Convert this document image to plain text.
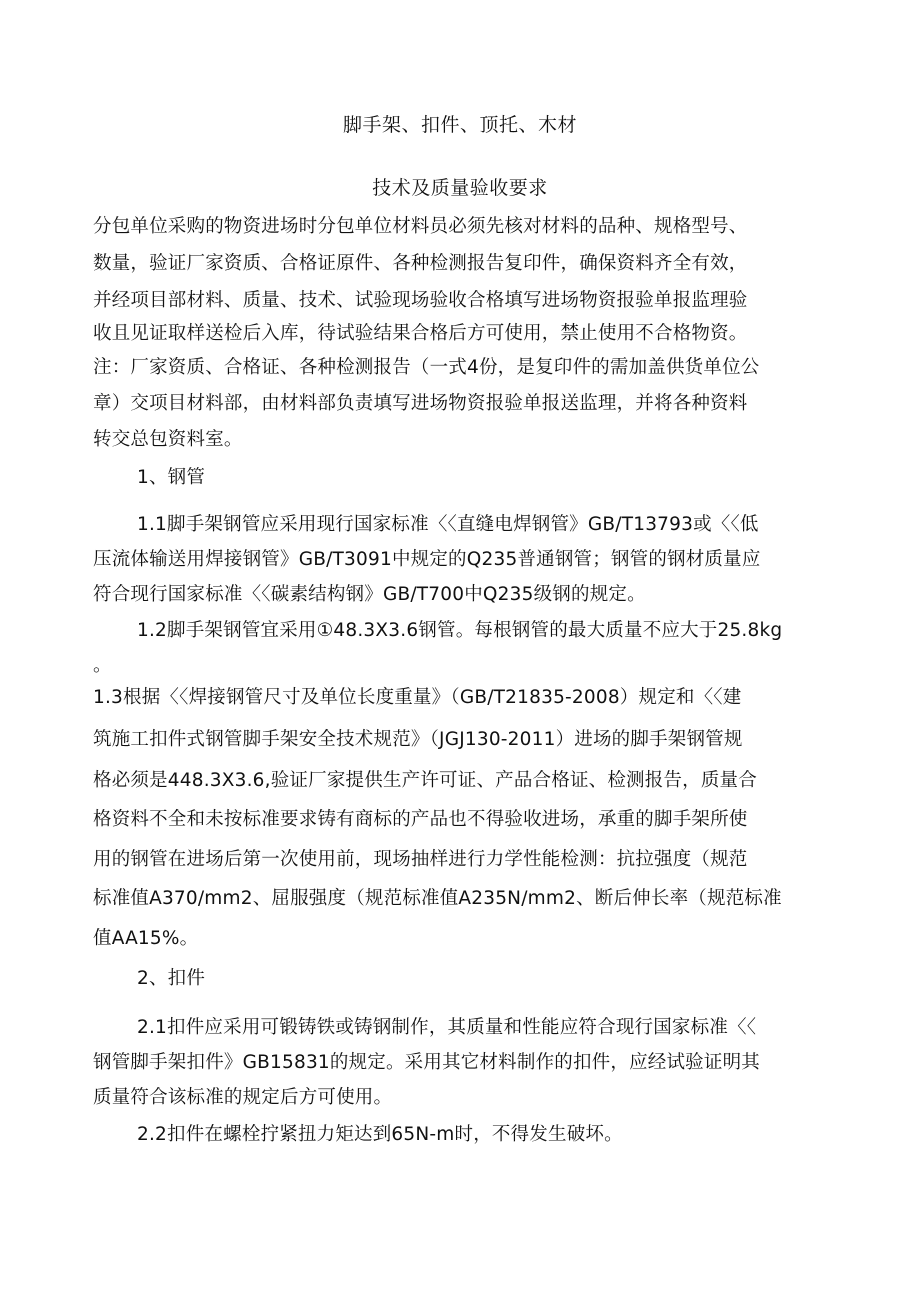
脚手架、扣件、顶托、木材
技术及质量验收要求
分包单位采购的物资进场时分包单位材料员必须先核对材料的品种、规格型号、
数量，验证厂家资质、合格证原件、各种检测报告复印件，确保资料齐全有效，
并经项目部材料、质量、技术、试验现场验收合格填写进场物资报验单报监理验
收且见证取样送检后入库，待试验结果合格后方可使用，禁止使用不合格物资。
注：厂家资质、合格证、各种检测报告（一式4份，是复印件的需加盖供货单位公
章）交项目材料部，由材料部负责填写进场物资报验单报送监理，并将各种资料
转交总包资料室。
1、钢管
1.1脚手架钢管应采用现行国家标准〈〈直缝电焊钢管》GB/T13793或〈〈低
压流体输送用焊接钢管》GB/T3091中规定的Q235普通钢管；钢管的钢材质量应
符合现行国家标准〈〈碳素结构钢》GB/T700中Q235级钢的规定。
1.2脚手架钢管宜采用①48.3X3.6钢管。每根钢管的最大质量不应大于25.8kg
。
1.3根据〈〈焊接钢管尺寸及单位长度重量》（GB/T21835-2008）规定和〈〈建
筑施工扣件式钢管脚手架安全技术规范》（JGJ130-2011）进场的脚手架钢管规
格必须是448.3X3.6,验证厂家提供生产许可证、产品合格证、检测报告，质量合
格资料不全和未按标准要求铸有商标的产品也不得验收进场，承重的脚手架所使
用的钢管在进场后第一次使用前，现场抽样进行力学性能检测：抗拉强度（规范
标准值A370/mm2、屈服强度（规范标准值A235N/mm2、断后伸长率（规范标准
值AA15%。
2、扣件
2.1扣件应采用可锻铸铁或铸钢制作，其质量和性能应符合现行国家标准〈〈
钢管脚手架扣件》GB15831的规定。采用其它材料制作的扣件，应经试验证明其
质量符合该标准的规定后方可使用。
2.2扣件在螺栓拧紧扭力矩达到65N-m时，不得发生破坏。
